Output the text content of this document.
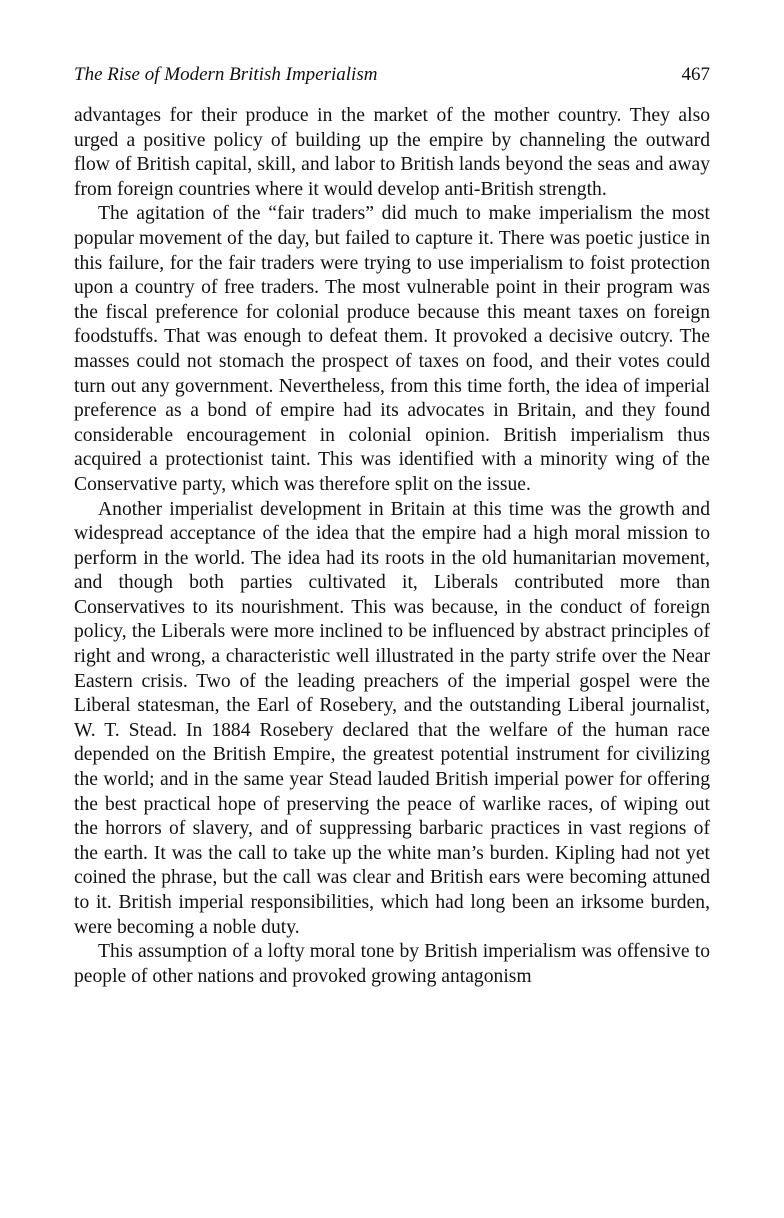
The Rise of Modern British Imperialism	467

advantages for their produce in the market of the mother country. They also urged a positive policy of building up the empire by channeling the outward flow of British capital, skill, and labor to British lands beyond the seas and away from foreign countries where it would develop anti-British strength.

The agitation of the “fair traders” did much to make imperialism the most popular movement of the day, but failed to capture it. There was poetic justice in this failure, for the fair traders were trying to use imperialism to foist protection upon a country of free traders. The most vulnerable point in their program was the fiscal preference for colonial produce because this meant taxes on foreign foodstuffs. That was enough to defeat them. It provoked a decisive outcry. The masses could not stomach the prospect of taxes on food, and their votes could turn out any government. Nevertheless, from this time forth, the idea of imperial preference as a bond of empire had its advocates in Britain, and they found considerable encouragement in colonial opinion. British imperialism thus acquired a protectionist taint. This was identified with a minority wing of the Conservative party, which was therefore split on the issue.

Another imperialist development in Britain at this time was the growth and widespread acceptance of the idea that the empire had a high moral mission to perform in the world. The idea had its roots in the old humanitarian movement, and though both parties cultivated it, Liberals contributed more than Conservatives to its nourishment. This was because, in the conduct of foreign policy, the Liberals were more inclined to be influenced by abstract principles of right and wrong, a characteristic well illustrated in the party strife over the Near Eastern crisis. Two of the leading preachers of the imperial gospel were the Liberal statesman, the Earl of Rosebery, and the outstanding Liberal journalist, W. T. Stead. In 1884 Rosebery declared that the welfare of the human race depended on the British Empire, the greatest potential instrument for civilizing the world; and in the same year Stead lauded British imperial power for offering the best practical hope of preserving the peace of warlike races, of wiping out the horrors of slavery, and of suppressing barbaric practices in vast regions of the earth. It was the call to take up the white man’s burden. Kipling had not yet coined the phrase, but the call was clear and British ears were becoming attuned to it. British imperial responsibilities, which had long been an irksome burden, were becoming a noble duty.

This assumption of a lofty moral tone by British imperialism was offensive to people of other nations and provoked growing antagonism
